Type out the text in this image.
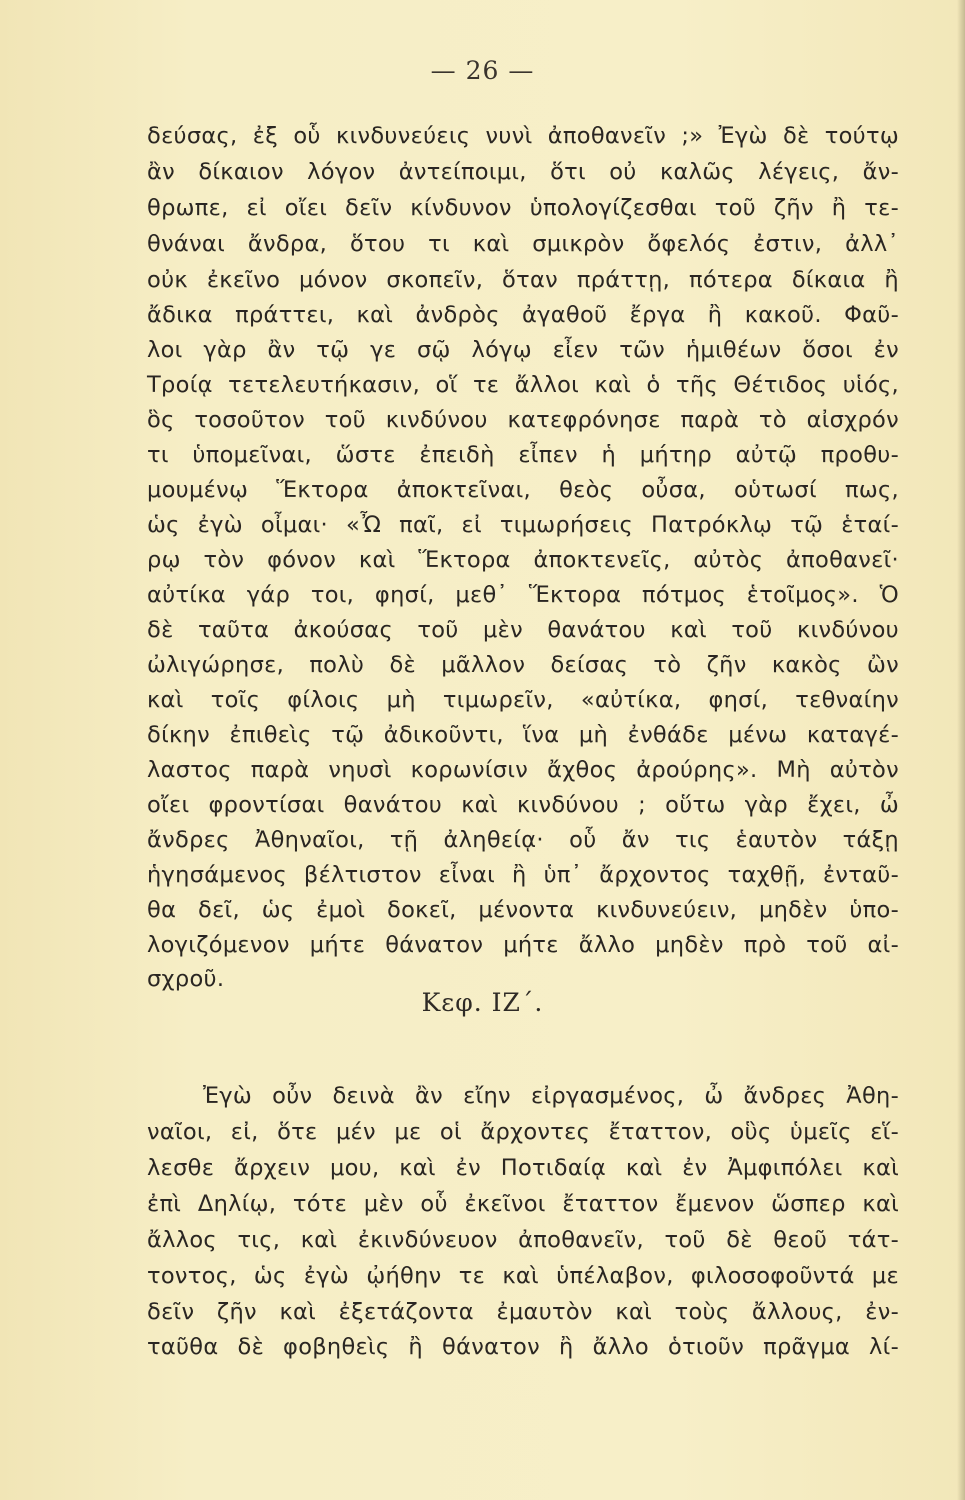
— 26 —
δεύσας, ἐξ οὗ κινδυνεύεις νυνὶ ἀποθανεῖν ;» Ἐγὼ δὲ τούτῳ
ἂν δίκαιον λόγον ἀντείποιμι, ὅτι οὐ καλῶς λέγεις, ἄν-
θρωπε, εἰ οἴει δεῖν κίνδυνον ὑπολογίζεσθαι τοῦ ζῆν ἢ τε-
θνάναι ἄνδρα, ὅτου τι καὶ σμικρὸν ὄφελός ἐστιν, ἀλλ᾽
οὐκ ἐκεῖνο μόνον σκοπεῖν, ὅταν πράττῃ, πότερα δίκαια ἢ
ἄδικα πράττει, καὶ ἀνδρὸς ἀγαθοῦ ἔργα ἢ κακοῦ. Φαῦ-
λοι γὰρ ἂν τῷ γε σῷ λόγῳ εἶεν τῶν ἡμιθέων ὅσοι ἐν
Τροίᾳ τετελευτήκασιν, οἵ τε ἄλλοι καὶ ὁ τῆς Θέτιδος υἱός,
ὃς τοσοῦτον τοῦ κινδύνου κατεφρόνησε παρὰ τὸ αἰσχρόν
τι ὑπομεῖναι, ὥστε ἐπειδὴ εἶπεν ἡ μήτηρ αὐτῷ προθυ-
μουμένῳ Ἕκτορα ἀποκτεῖναι, θεὸς οὖσα, οὑτωσί πως,
ὡς ἐγὼ οἶμαι· «Ὦ παῖ, εἰ τιμωρήσεις Πατρόκλῳ τῷ ἑταί-
ρῳ τὸν φόνον καὶ Ἕκτορα ἀποκτενεῖς, αὐτὸς ἀποθανεῖ·
αὐτίκα γάρ τοι, φησί, μεθ᾽ Ἕκτορα πότμος ἑτοῖμος». Ὁ
δὲ ταῦτα ἀκούσας τοῦ μὲν θανάτου καὶ τοῦ κινδύνου
ὠλιγώρησε, πολὺ δὲ μᾶλλον δείσας τὸ ζῆν κακὸς ὢν
καὶ τοῖς φίλοις μὴ τιμωρεῖν, «αὐτίκα, φησί, τεθναίην
δίκην ἐπιθεὶς τῷ ἀδικοῦντι, ἵνα μὴ ἐνθάδε μένω καταγέ-
λαστος παρὰ νηυσὶ κορωνίσιν ἄχθος ἀρούρης». Μὴ αὐτὸν
οἴει φροντίσαι θανάτου καὶ κινδύνου ; οὕτω γὰρ ἔχει, ὦ
ἄνδρες Ἀθηναῖοι, τῇ ἀληθείᾳ· οὗ ἄν τις ἑαυτὸν τάξῃ
ἡγησάμενος βέλτιστον εἶναι ἢ ὑπ᾽ ἄρχοντος ταχθῇ, ἐνταῦ-
θα δεῖ, ὡς ἐμοὶ δοκεῖ, μένοντα κινδυνεύειν, μηδὲν ὑπο-
λογιζόμενον μήτε θάνατον μήτε ἄλλο μηδὲν πρὸ τοῦ αἰ-
σχροῦ.
Κεφ. ΙΖ΄.
Ἐγὼ οὖν δεινὰ ἂν εἴην εἰργασμένος, ὦ ἄνδρες Ἀθη-
ναῖοι, εἰ, ὅτε μέν με οἱ ἄρχοντες ἔταττον, οὓς ὑμεῖς εἵ-
λεσθε ἄρχειν μου, καὶ ἐν Ποτιδαίᾳ καὶ ἐν Ἀμφιπόλει καὶ
ἐπὶ Δηλίῳ, τότε μὲν οὗ ἐκεῖνοι ἔταττον ἔμενον ὥσπερ καὶ
ἄλλος τις, καὶ ἐκινδύνευον ἀποθανεῖν, τοῦ δὲ θεοῦ τάτ-
τοντος, ὡς ἐγὼ ᾠήθην τε καὶ ὑπέλαβον, φιλοσοφοῦντά με
δεῖν ζῆν καὶ ἐξετάζοντα ἐμαυτὸν καὶ τοὺς ἄλλους, ἐν-
ταῦθα δὲ φοβηθεὶς ἢ θάνατον ἢ ἄλλο ὁτιοῦν πρᾶγμα λί-
